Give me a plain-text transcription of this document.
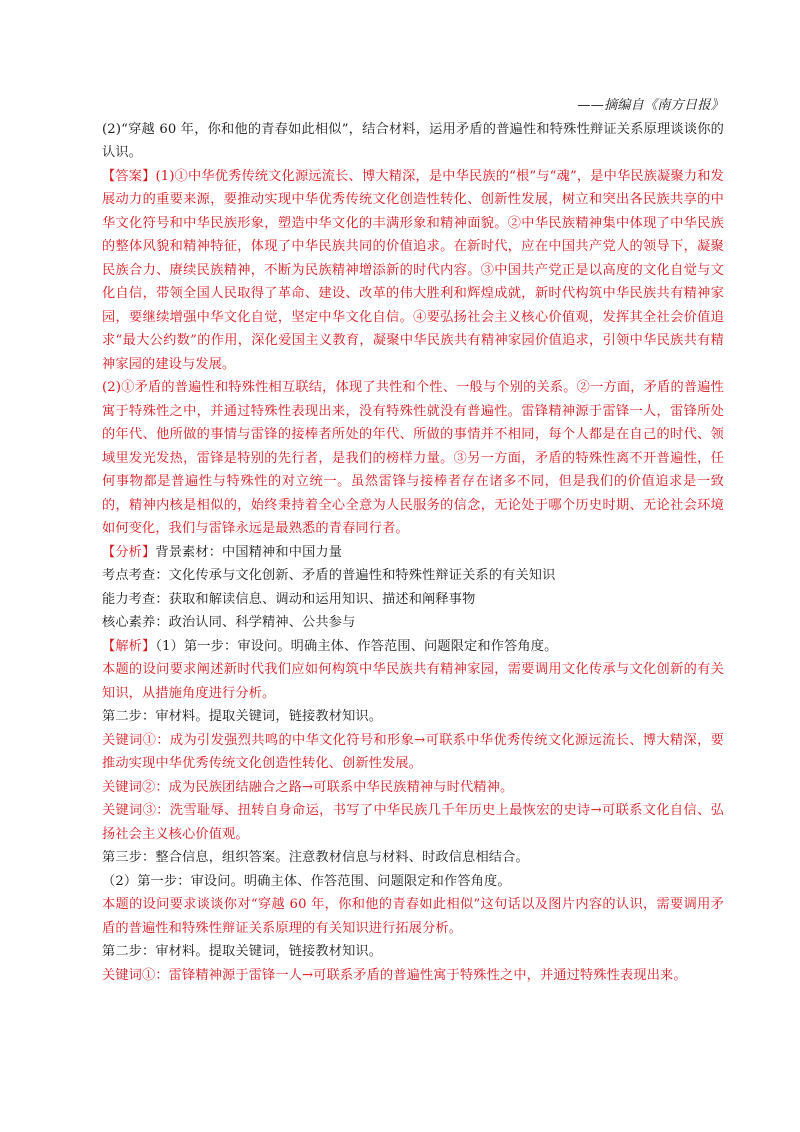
——摘编自《南方日报》

(2)“穿越 60 年，你和他的青春如此相似”，结合材料，运用矛盾的普遍性和特殊性辩证关系原理谈谈你的认识。

【答案】(1)①中华优秀传统文化源远流长、博大精深，是中华民族的“根”与“魂”，是中华民族凝聚力和发展动力的重要来源，要推动实现中华优秀传统文化创造性转化、创新性发展，树立和突出各民族共享的中华文化符号和中华民族形象，塑造中华文化的丰满形象和精神面貌。②中华民族精神集中体现了中华民族的整体风貌和精神特征，体现了中华民族共同的价值追求。在新时代，应在中国共产党人的领导下，凝聚民族合力、赓续民族精神，不断为民族精神增添新的时代内容。③中国共产党正是以高度的文化自觉与文化自信，带领全国人民取得了革命、建设、改革的伟大胜利和辉煌成就，新时代构筑中华民族共有精神家园，要继续增强中华文化自觉，坚定中华文化自信。④要弘扬社会主义核心价值观，发挥其全社会价值追求“最大公约数”的作用，深化爱国主义教育，凝聚中华民族共有精神家园价值追求，引领中华民族共有精神家园的建设与发展。

(2)①矛盾的普遍性和特殊性相互联结，体现了共性和个性、一般与个别的关系。②一方面，矛盾的普遍性寓于特殊性之中，并通过特殊性表现出来，没有特殊性就没有普遍性。雷锋精神源于雷锋一人，雷锋所处的年代、他所做的事情与雷锋的接棒者所处的年代、所做的事情并不相同，每个人都是在自己的时代、领域里发光发热，雷锋是特别的先行者，是我们的榜样力量。③另一方面，矛盾的特殊性离不开普遍性，任何事物都是普遍性与特殊性的对立统一。虽然雷锋与接棒者存在诸多不同，但是我们的价值追求是一致的，精神内核是相似的，始终秉持着全心全意为人民服务的信念，无论处于哪个历史时期、无论社会环境如何变化，我们与雷锋永远是最熟悉的青春同行者。

【分析】背景素材：中国精神和中国力量

考点考查：文化传承与文化创新、矛盾的普遍性和特殊性辩证关系的有关知识

能力考查：获取和解读信息、调动和运用知识、描述和阐释事物

核心素养：政治认同、科学精神、公共参与

【解析】（1）第一步：审设问。明确主体、作答范围、问题限定和作答角度。

本题的设问要求阐述新时代我们应如何构筑中华民族共有精神家园，需要调用文化传承与文化创新的有关知识，从措施角度进行分析。

第二步：审材料。提取关键词，链接教材知识。

关键词①：成为引发强烈共鸣的中华文化符号和形象→可联系中华优秀传统文化源远流长、博大精深，要推动实现中华优秀传统文化创造性转化、创新性发展。

关键词②：成为民族团结融合之路→可联系中华民族精神与时代精神。

关键词③：洗雪耻辱、扭转自身命运，书写了中华民族几千年历史上最恢宏的史诗→可联系文化自信、弘扬社会主义核心价值观。

第三步：整合信息，组织答案。注意教材信息与材料、时政信息相结合。

（2）第一步：审设问。明确主体、作答范围、问题限定和作答角度。

本题的设问要求谈谈你对“穿越 60 年，你和他的青春如此相似”这句话以及图片内容的认识，需要调用矛盾的普遍性和特殊性辩证关系原理的有关知识进行拓展分析。

第二步：审材料。提取关键词，链接教材知识。

关键词①：雷锋精神源于雷锋一人→可联系矛盾的普遍性寓于特殊性之中，并通过特殊性表现出来。
